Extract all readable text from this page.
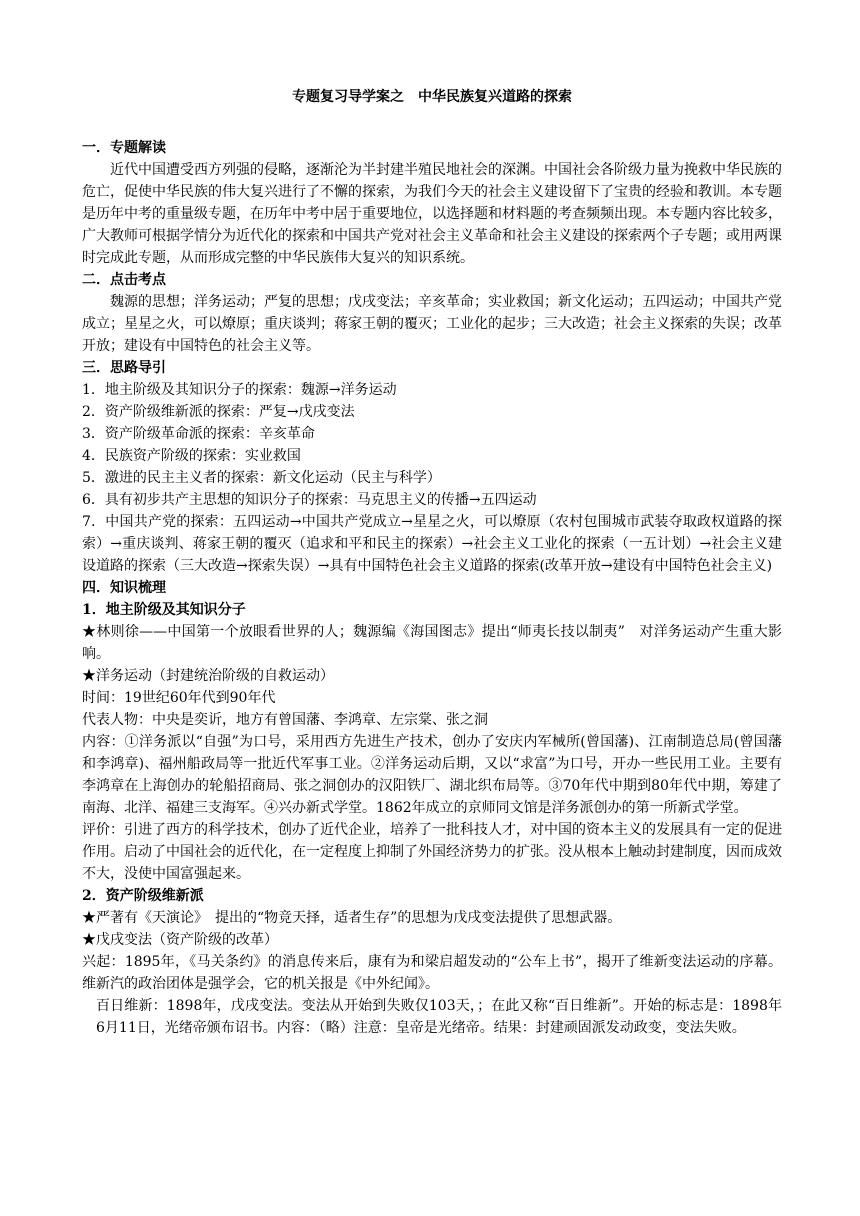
专题复习导学案之　中华民族复兴道路的探索

一．专题解读

近代中国遭受西方列强的侵略，逐渐沦为半封建半殖民地社会的深渊。中国社会各阶级力量为挽救中华民族的危亡，促使中华民族的伟大复兴进行了不懈的探索，为我们今天的社会主义建设留下了宝贵的经验和教训。本专题是历年中考的重量级专题，在历年中考中居于重要地位，以选择题和材料题的考查频频出现。本专题内容比较多，广大教师可根据学情分为近代化的探索和中国共产党对社会主义革命和社会主义建设的探索两个子专题；或用两课时完成此专题，从而形成完整的中华民族伟大复兴的知识系统。

二．点击考点

魏源的思想；洋务运动；严复的思想；戊戌变法；辛亥革命；实业救国；新文化运动；五四运动；中国共产党成立；星星之火，可以燎原；重庆谈判；蒋家王朝的覆灭；工业化的起步；三大改造；社会主义探索的失误；改革开放；建设有中国特色的社会主义等。

三．思路导引

1．地主阶级及其知识分子的探索：魏源→洋务运动

2．资产阶级维新派的探索：严复→戊戌变法

3．资产阶级革命派的探索：辛亥革命

4．民族资产阶级的探索：实业救国

5．激进的民主主义者的探索：新文化运动（民主与科学）

6．具有初步共产主思想的知识分子的探索：马克思主义的传播→五四运动

7．中国共产党的探索：五四运动→中国共产党成立→星星之火，可以燎原（农村包围城市武装夺取政权道路的探索）→重庆谈判、蒋家王朝的覆灭（追求和平和民主的探索）→社会主义工业化的探索（一五计划）→社会主义建设道路的探索（三大改造→探索失误）→具有中国特色社会主义道路的探索(改革开放→建设有中国特色社会主义)

四．知识梳理

1．地主阶级及其知识分子

★林则徐——中国第一个放眼看世界的人；魏源编《海国图志》提出“师夷长技以制夷”　对洋务运动产生重大影响。

★洋务运动（封建统治阶级的自救运动）

时间：19世纪60年代到90年代

代表人物：中央是奕䜣，地方有曾国藩、李鸿章、左宗棠、张之洞

内容：①洋务派以“自强”为口号，采用西方先进生产技术，创办了安庆内军械所(曾国藩)、江南制造总局(曾国藩和李鸿章)、福州船政局等一批近代军事工业。②洋务运动后期，又以“求富”为口号，开办一些民用工业。主要有李鸿章在上海创办的轮船招商局、张之洞创办的汉阳铁厂、湖北织布局等。③70年代中期到80年代中期，筹建了南海、北洋、福建三支海军。④兴办新式学堂。1862年成立的京师同文馆是洋务派创办的第一所新式学堂。

评价：引进了西方的科学技术，创办了近代企业，培养了一批科技人才，对中国的资本主义的发展具有一定的促进作用。启动了中国社会的近代化，在一定程度上抑制了外国经济势力的扩张。没从根本上触动封建制度，因而成效不大，没使中国富强起来。

2．资产阶级维新派

★严著有《天演论》　提出的“物竞天择，适者生存”的思想为戊戌变法提供了思想武器。

★戊戌变法（资产阶级的改革）

兴起：1895年，《马关条约》的消息传来后，康有为和梁启超发动的“公车上书”，揭开了维新变法运动的序幕。维新汽的政治团体是强学会，它的机关报是《中外纪闻》。

百日维新：1898年，戊戌变法。变法从开始到失败仅103天，；在此又称“百日维新”。开始的标志是：1898年6月11日，光绪帝颁布诏书。内容：（略）注意：皇帝是光绪帝。结果：封建顽固派发动政变，变法失败。
